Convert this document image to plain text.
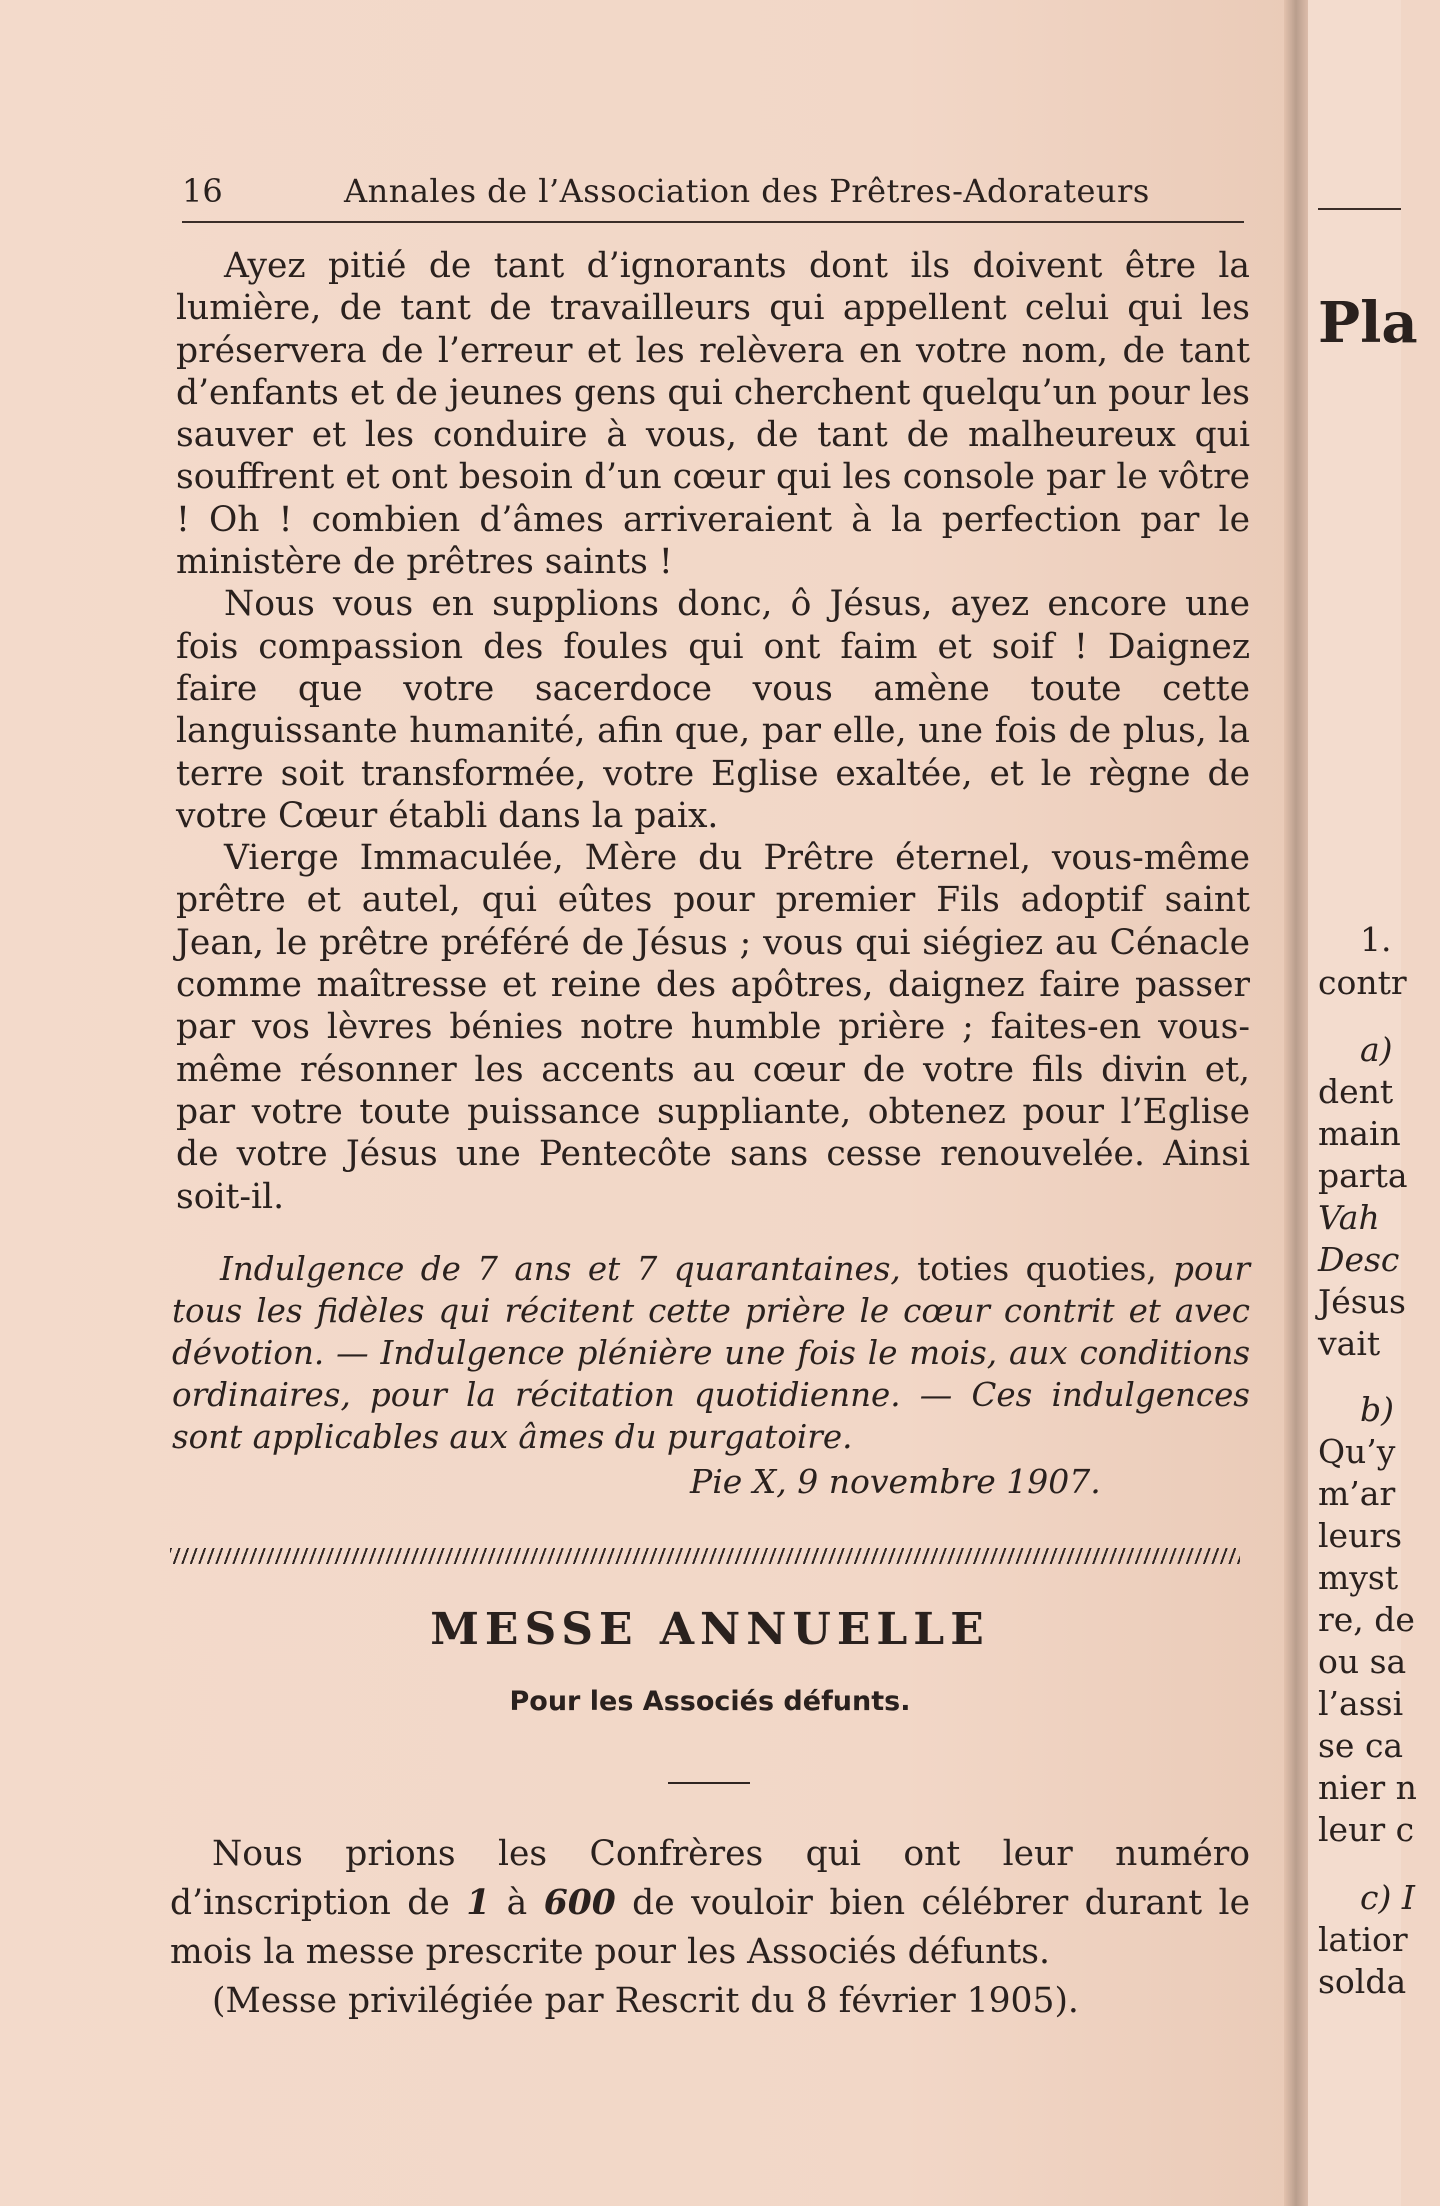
16	Annales de l’Association des Prêtres-Adorateurs

Ayez pitié de tant d’ignorants dont ils doivent être la lumière, de tant de travailleurs qui appellent celui qui les préservera de l’erreur et les relèvera en votre nom, de tant d’enfants et de jeunes gens qui cherchent quelqu’un pour les sauver et les conduire à vous, de tant de malheureux qui souffrent et ont besoin d’un cœur qui les console par le vôtre ! Oh ! combien d’âmes arriveraient à la perfection par le ministère de prêtres saints !

Nous vous en supplions donc, ô Jésus, ayez encore une fois compassion des foules qui ont faim et soif ! Daignez faire que votre sacerdoce vous amène toute cette languissante humanité, afin que, par elle, une fois de plus, la terre soit transformée, votre Eglise exaltée, et le règne de votre Cœur établi dans la paix.

Vierge Immaculée, Mère du Prêtre éternel, vous-même prêtre et autel, qui eûtes pour premier Fils adoptif saint Jean, le prêtre préféré de Jésus ; vous qui siégiez au Cénacle comme maîtresse et reine des apôtres, daignez faire passer par vos lèvres bénies notre humble prière ; faites-en vous-même résonner les accents au cœur de votre fils divin et, par votre toute puissance suppliante, obtenez pour l’Eglise de votre Jésus une Pentecôte sans cesse renouvelée. Ainsi soit-il.

Indulgence de 7 ans et 7 quarantaines, toties quoties, pour tous les fidèles qui récitent cette prière le cœur contrit et avec dévotion. — Indulgence plénière une fois le mois, aux conditions ordinaires, pour la récitation quotidienne. — Ces indulgences sont applicables aux âmes du purgatoire.

Pie X, 9 novembre 1907.
MESSE ANNUELLE
Pour les Associés défunts.

Nous prions les Confrères qui ont leur numéro d’inscription de 1 à 600 de vouloir bien célébrer durant le mois la messe prescrite pour les Associés défunts.

(Messe privilégiée par Rescrit du 8 février 1905).

Pla
1.
contr
a)
dent
main
parta
Vah
Desc
Jésus
vait
b)
Qu’y
m’ar
leurs
myst
re, de
ou sa
l’assi
se ca
nier n
leur c
c) I
latior
solda
